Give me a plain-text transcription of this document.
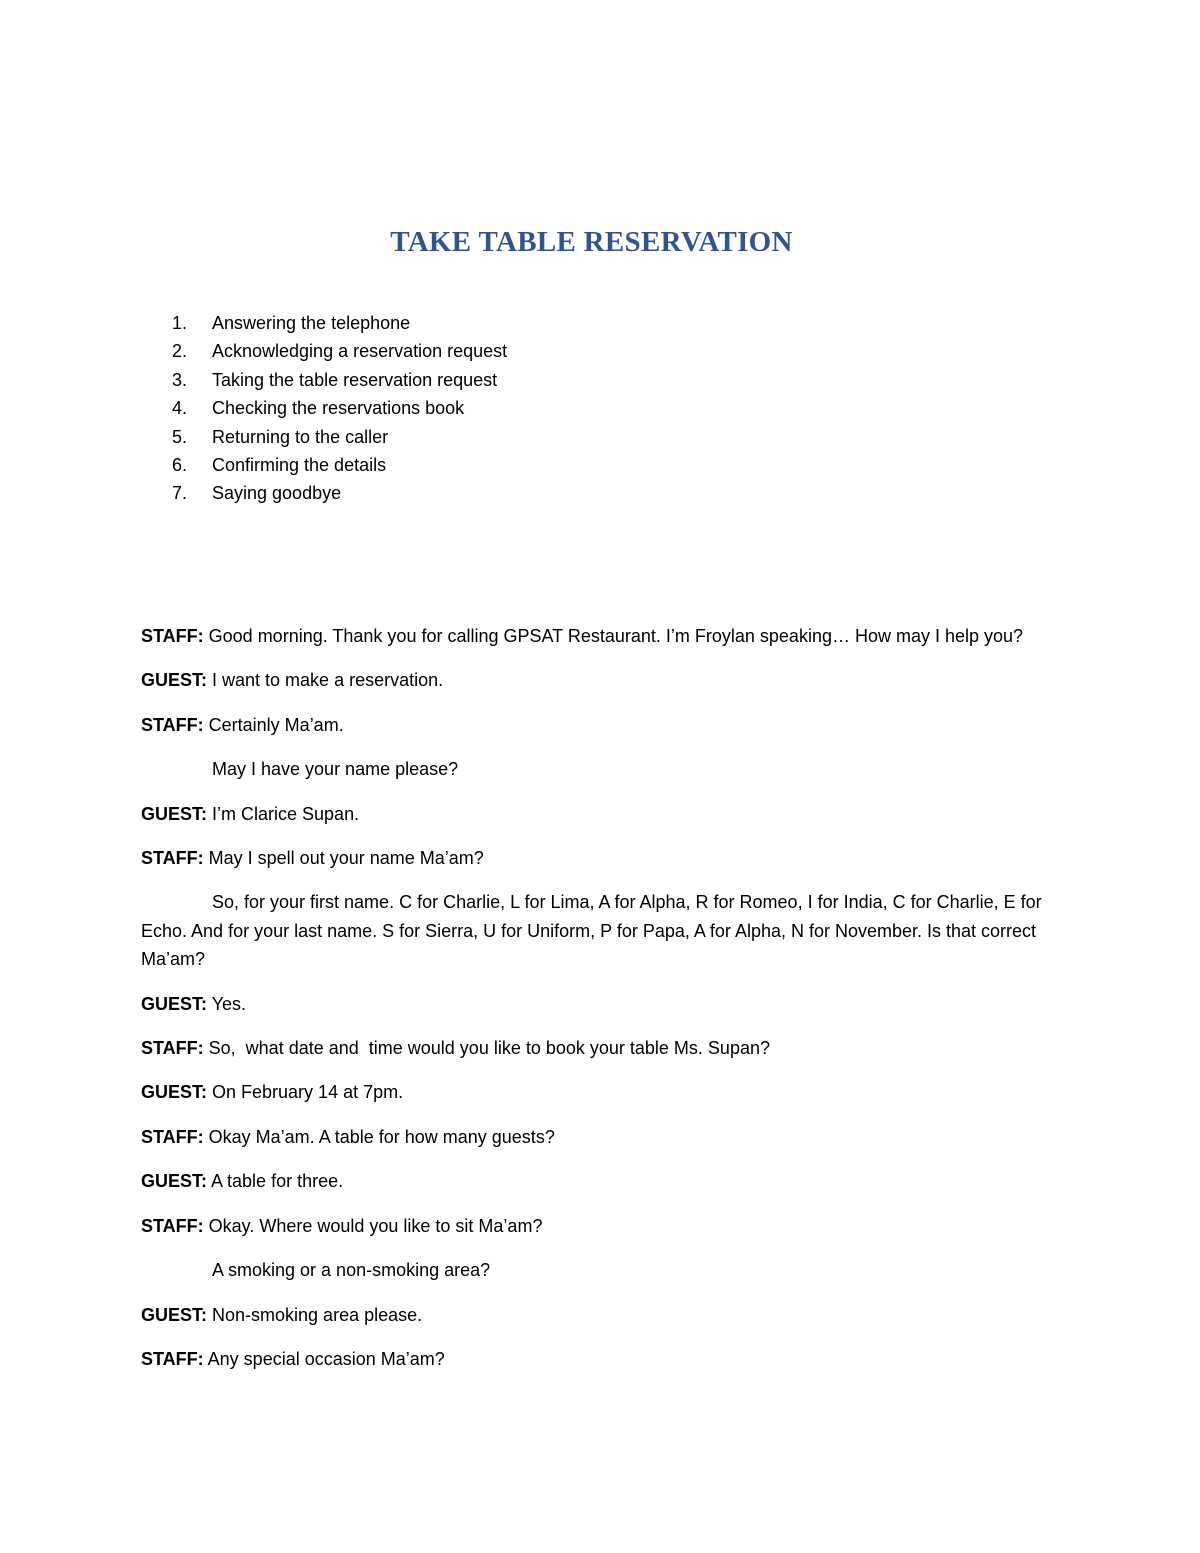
TAKE TABLE RESERVATION
1. Answering the telephone
2. Acknowledging a reservation request
3. Taking the table reservation request
4. Checking the reservations book
5. Returning to the caller
6. Confirming the details
7. Saying goodbye

STAFF: Good morning. Thank you for calling GPSAT Restaurant. I’m Froylan speaking… How may I help you?

GUEST: I want to make a reservation.

STAFF: Certainly Ma’am.

May I have your name please?

GUEST: I’m Clarice Supan.

STAFF: May I spell out your name Ma’am?

So, for your first name. C for Charlie, L for Lima, A for Alpha, R for Romeo, I for India, C for Charlie, E for Echo. And for your last name. S for Sierra, U for Uniform, P for Papa, A for Alpha, N for November. Is that correct Ma’am?

GUEST: Yes.

STAFF: So,  what date and  time would you like to book your table Ms. Supan?

GUEST: On February 14 at 7pm.

STAFF: Okay Ma’am. A table for how many guests?

GUEST: A table for three.

STAFF: Okay. Where would you like to sit Ma’am?

A smoking or a non-smoking area?

GUEST: Non-smoking area please.

STAFF: Any special occasion Ma’am?
